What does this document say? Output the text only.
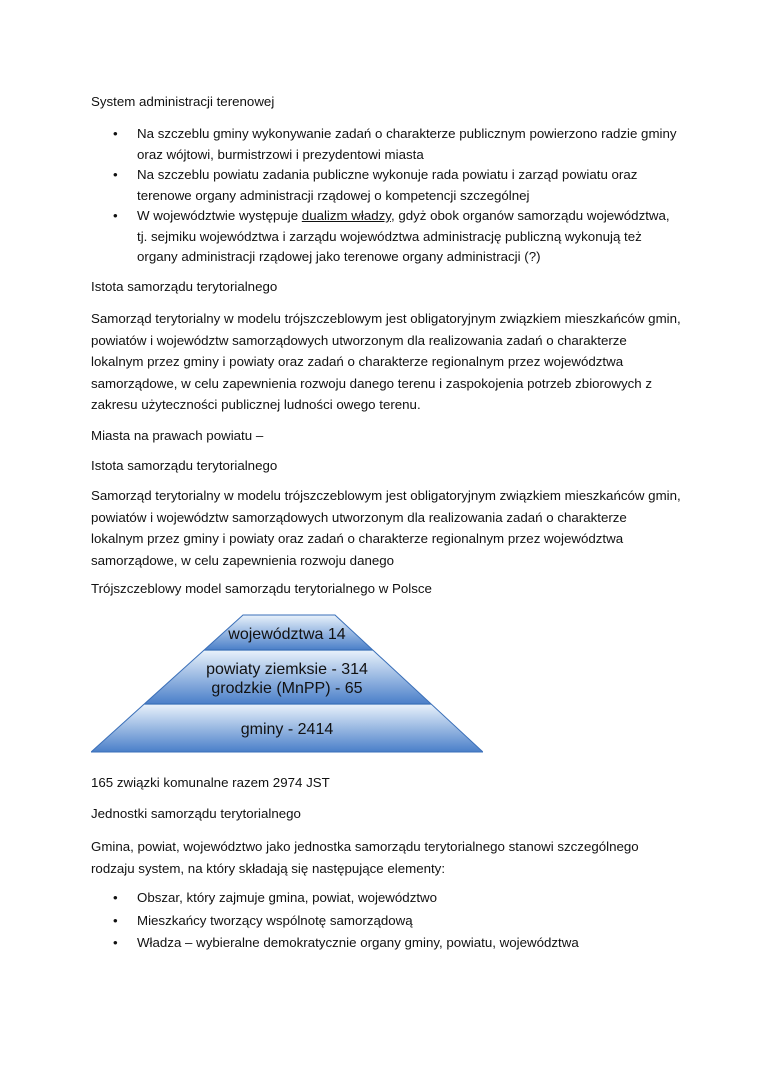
System administracji terenowej

• Na szczeblu gminy wykonywanie zadań o charakterze publicznym powierzono radzie gminy
oraz wójtowi, burmistrzowi i prezydentowi miasta
• Na szczeblu powiatu zadania publiczne wykonuje rada powiatu i zarząd powiatu oraz
terenowe organy administracji rządowej o kompetencji szczególnej
• W województwie występuje dualizm władzy, gdyż obok organów samorządu województwa,
tj. sejmiku województwa i zarządu województwa administrację publiczną wykonują też
organy administracji rządowej jako terenowe organy administracji (?)

Istota samorządu terytorialnego

Samorząd terytorialny w modelu trójszczeblowym jest obligatoryjnym związkiem mieszkańców gmin,
powiatów i województw samorządowych utworzonym dla realizowania zadań o charakterze
lokalnym przez gminy i powiaty oraz zadań o charakterze regionalnym przez województwa
samorządowe, w celu zapewnienia rozwoju danego terenu i zaspokojenia potrzeb zbiorowych z
zakresu użyteczności publicznej ludności owego terenu.

Miasta na prawach powiatu –

Istota samorządu terytorialnego

Samorząd terytorialny w modelu trójszczeblowym jest obligatoryjnym związkiem mieszkańców gmin,
powiatów i województw samorządowych utworzonym dla realizowania zadań o charakterze
lokalnym przez gminy i powiaty oraz zadań o charakterze regionalnym przez województwa
samorządowe, w celu zapewnienia rozwoju danego

Trójszczeblowy model samorządu terytorialnego w Polsce

województwa 14
powiaty ziemksie - 314
grodzkie (MnPP) - 65
gminy - 2414

165 związki komunalne razem 2974 JST

Jednostki samorządu terytorialnego

Gmina, powiat, województwo jako jednostka samorządu terytorialnego stanowi szczególnego
rodzaju system, na który składają się następujące elementy:
• Obszar, który zajmuje gmina, powiat, województwo
• Mieszkańcy tworzący wspólnotę samorządową
• Władza – wybieralne demokratycznie organy gminy, powiatu, województwa
